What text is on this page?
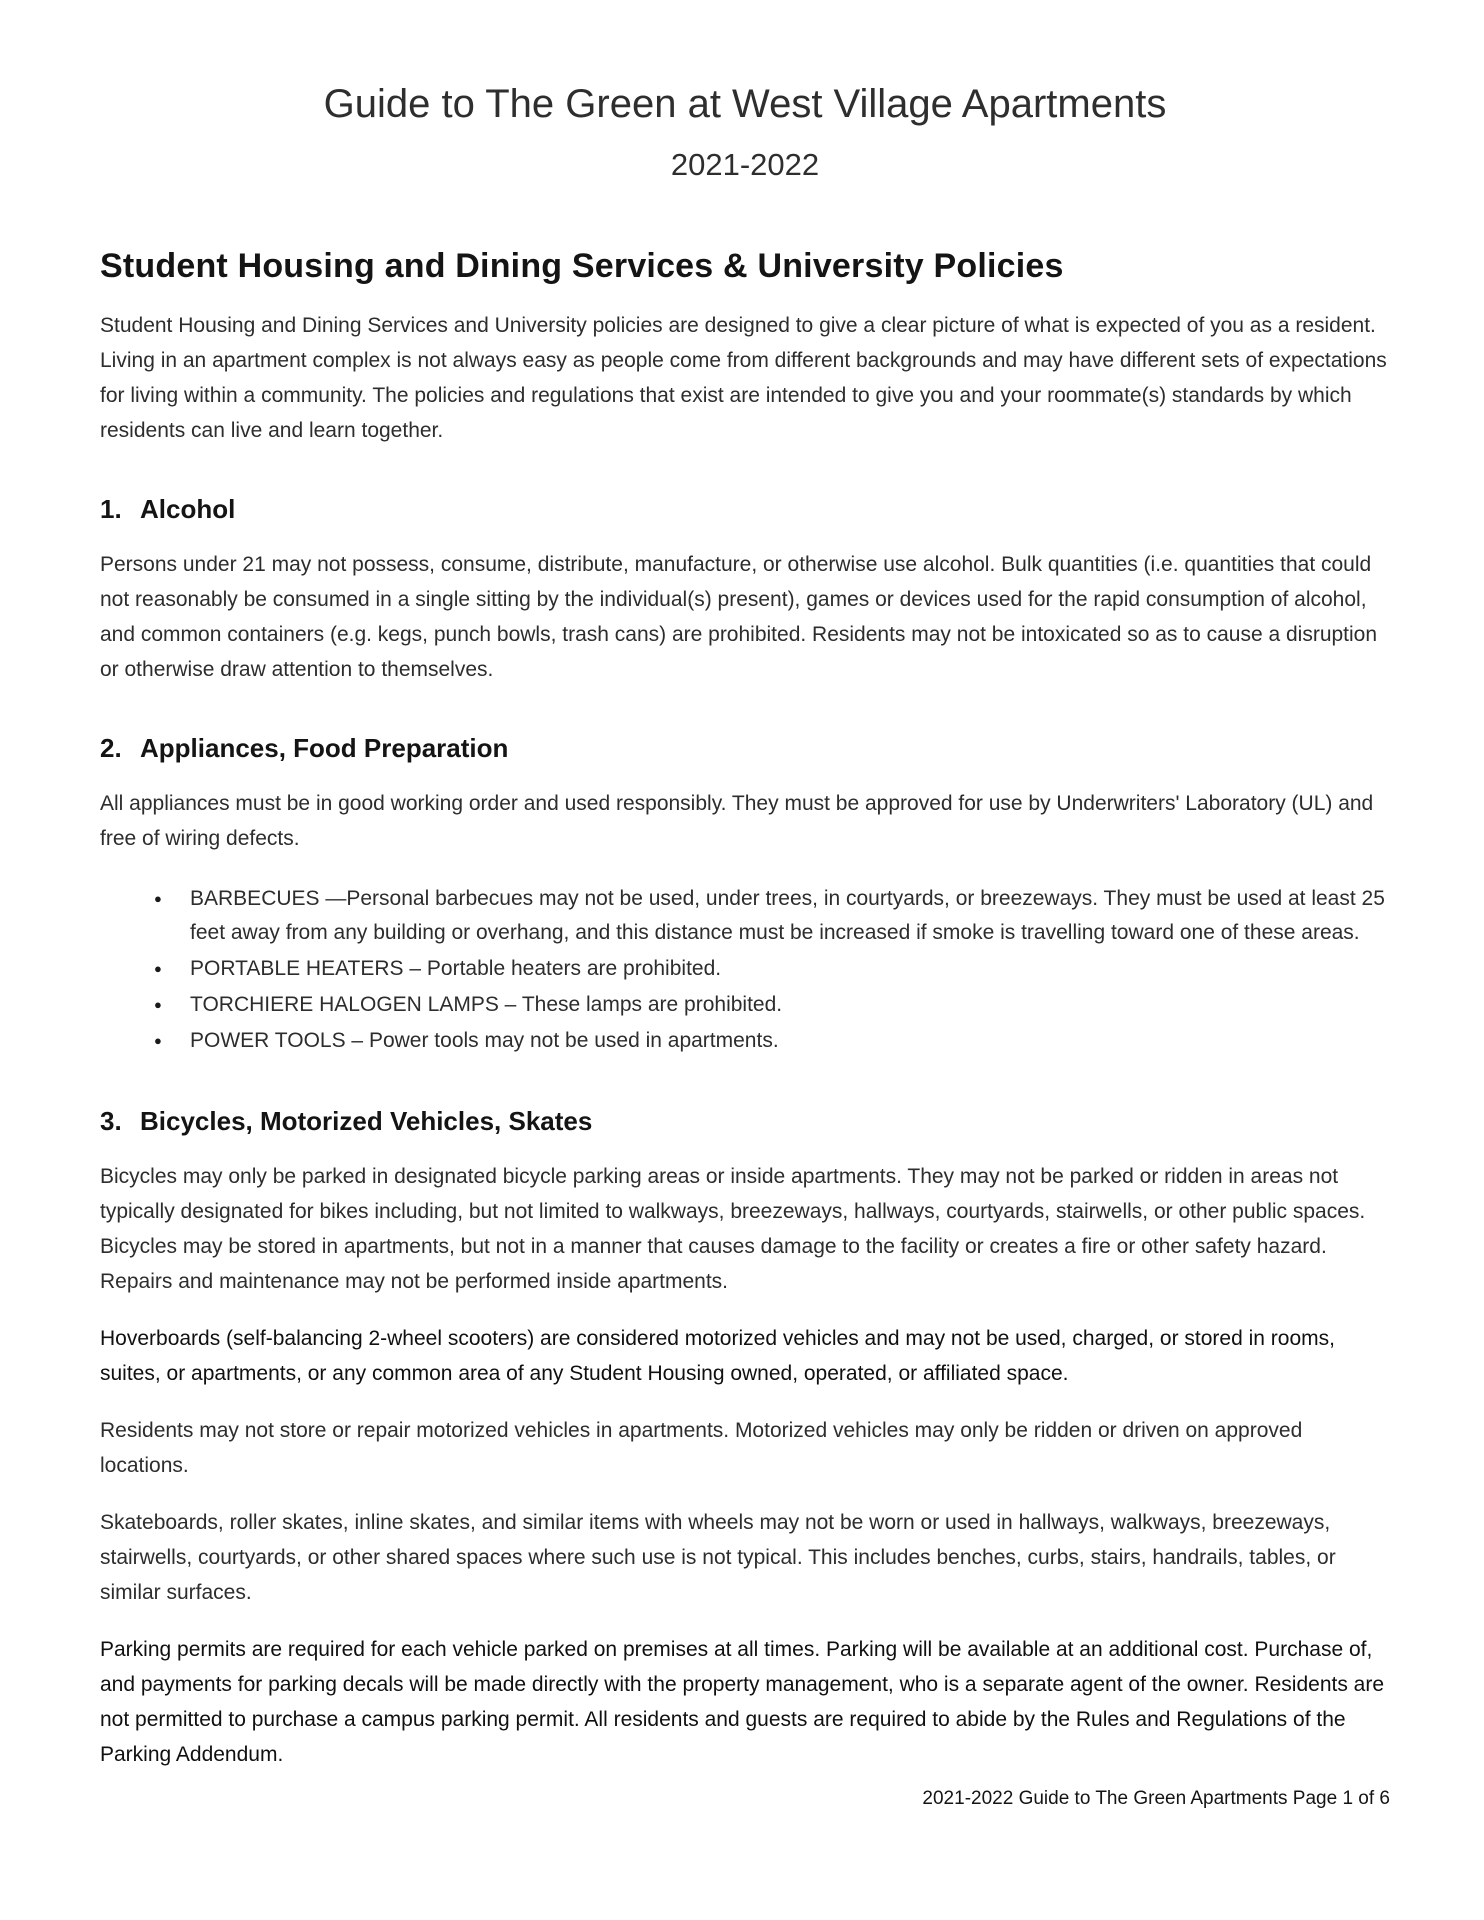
Guide to The Green at West Village Apartments
2021-2022
Student Housing and Dining Services & University Policies

Student Housing and Dining Services and University policies are designed to give a clear picture of what is expected of you as a resident. Living in an apartment complex is not always easy as people come from different backgrounds and may have different sets of expectations for living within a community. The policies and regulations that exist are intended to give you and your roommate(s) standards by which residents can live and learn together.

1. Alcohol

Persons under 21 may not possess, consume, distribute, manufacture, or otherwise use alcohol. Bulk quantities (i.e. quantities that could not reasonably be consumed in a single sitting by the individual(s) present), games or devices used for the rapid consumption of alcohol, and common containers (e.g. kegs, punch bowls, trash cans) are prohibited. Residents may not be intoxicated so as to cause a disruption or otherwise draw attention to themselves.

2. Appliances, Food Preparation

All appliances must be in good working order and used responsibly. They must be approved for use by Underwriters' Laboratory (UL) and free of wiring defects.

● BARBECUES —Personal barbecues may not be used, under trees, in courtyards, or breezeways. They must be used at least 25 feet away from any building or overhang, and this distance must be increased if smoke is travelling toward one of these areas.
● PORTABLE HEATERS – Portable heaters are prohibited.
● TORCHIERE HALOGEN LAMPS – These lamps are prohibited.
● POWER TOOLS – Power tools may not be used in apartments.
3. Bicycles, Motorized Vehicles, Skates

Bicycles may only be parked in designated bicycle parking areas or inside apartments. They may not be parked or ridden in areas not typically designated for bikes including, but not limited to walkways, breezeways, hallways, courtyards, stairwells, or other public spaces. Bicycles may be stored in apartments, but not in a manner that causes damage to the facility or creates a fire or other safety hazard. Repairs and maintenance may not be performed inside apartments.

Hoverboards (self-balancing 2-wheel scooters) are considered motorized vehicles and may not be used, charged, or stored in rooms, suites, or apartments, or any common area of any Student Housing owned, operated, or affiliated space.

Residents may not store or repair motorized vehicles in apartments. Motorized vehicles may only be ridden or driven on approved locations.

Skateboards, roller skates, inline skates, and similar items with wheels may not be worn or used in hallways, walkways, breezeways, stairwells, courtyards, or other shared spaces where such use is not typical. This includes benches, curbs, stairs, handrails, tables, or similar surfaces.

Parking permits are required for each vehicle parked on premises at all times. Parking will be available at an additional cost. Purchase of, and payments for parking decals will be made directly with the property management, who is a separate agent of the owner. Residents are not permitted to purchase a campus parking permit. All residents and guests are required to abide by the Rules and Regulations of the Parking Addendum.

2021-2022 Guide to The Green Apartments Page 1 of 6
